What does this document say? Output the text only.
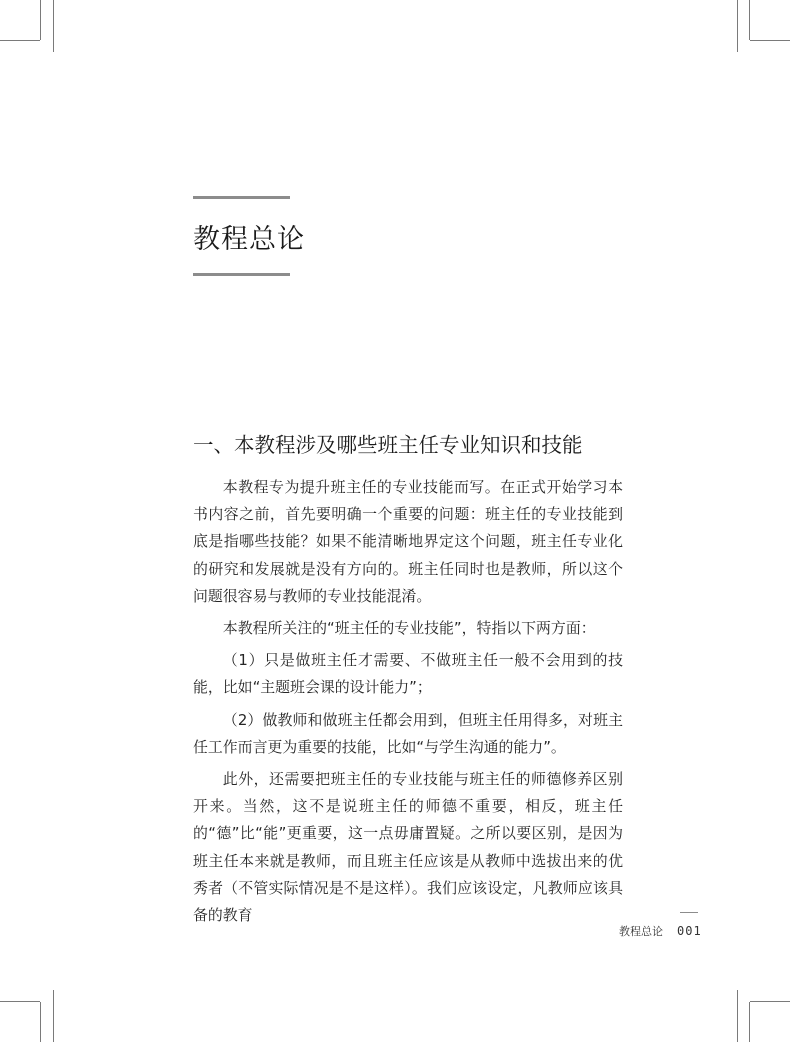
教程总论
一、本教程涉及哪些班主任专业知识和技能

本教程专为提升班主任的专业技能而写。在正式开始学习本书内容之前，首先要明确一个重要的问题：班主任的专业技能到底是指哪些技能？如果不能清晰地界定这个问题，班主任专业化的研究和发展就是没有方向的。班主任同时也是教师，所以这个问题很容易与教师的专业技能混淆。

本教程所关注的“班主任的专业技能”，特指以下两方面：

（1）只是做班主任才需要、不做班主任一般不会用到的技能，比如“主题班会课的设计能力”；

（2）做教师和做班主任都会用到，但班主任用得多，对班主任工作而言更为重要的技能，比如“与学生沟通的能力”。

此外，还需要把班主任的专业技能与班主任的师德修养区别开来。当然，这不是说班主任的师德不重要，相反，班主任的“德”比“能”更重要，这一点毋庸置疑。之所以要区别，是因为班主任本来就是教师，而且班主任应该是从教师中选拔出来的优秀者（不管实际情况是不是这样）。我们应该设定，凡教师应该具备的教育

教程总论 001
